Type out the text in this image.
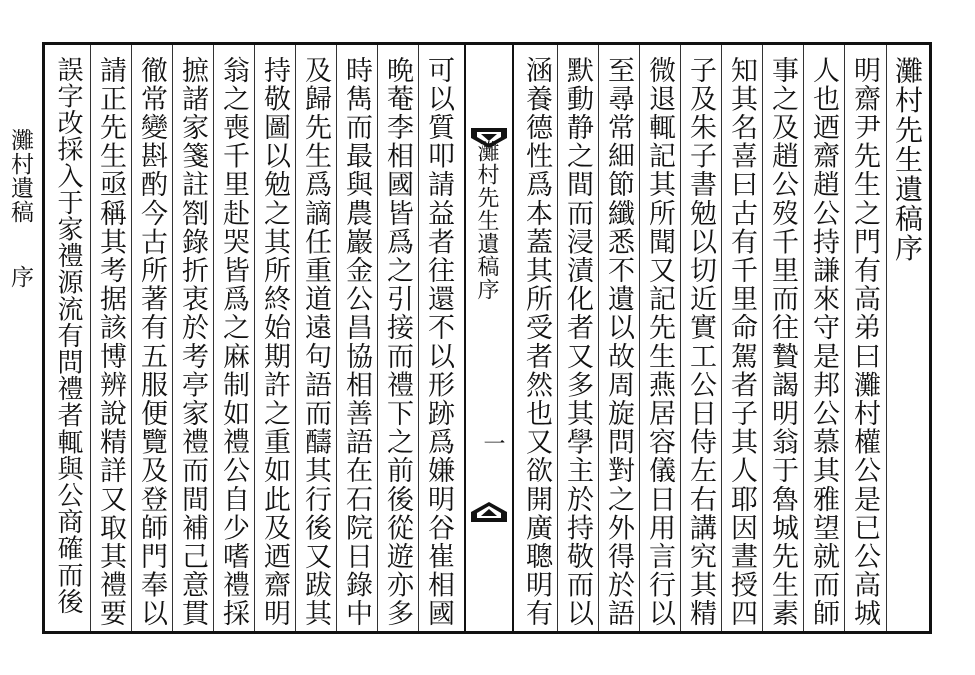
灘村遺稿
序	灘村先生遺稿序
一
灘村先生遺稿序
明齋尹先生之門有高弟曰灘村權公是已公高城
人也迺齋趙公持謙來守是邦公慕其雅望就而師
事之及趙公歿千里而往贄謁明翁于魯城先生素
知其名喜曰古有千里命駕者子其人耶因晝授四
子及朱子書勉以切近實工公日侍左右講究其精
微退輒記其所聞又記先生燕居容儀日用言行以
至尋常細節纖悉不遺以故周旋問對之外得於語
默動静之間而浸漬化者又多其學主於持敬而以
涵養德性爲本蓋其所受者然也又欲開廣聰明有
可以質叩請益者往還不以形跡爲嫌明谷崔相國
晩菴李相國皆爲之引接而禮下之前後從遊亦多
時雋而最與農巖金公昌協相善語在石院日錄中
及歸先生爲謫任重道遠句語而醻其行後又跋其
持敬圖以勉之其所終始期許之重如此及迺齋明
翁之喪千里赴哭皆爲之麻制如禮公自少嗜禮採
摭諸家箋註劄錄折衷於考亭家禮而間補己意貫
徹常變斟酌今古所著有五服便覽及登師門奉以
請正先生亟稱其考据該博辨說精詳又取其禮要
誤字改採入于家禮源流有問禮者輒與公商確而後
